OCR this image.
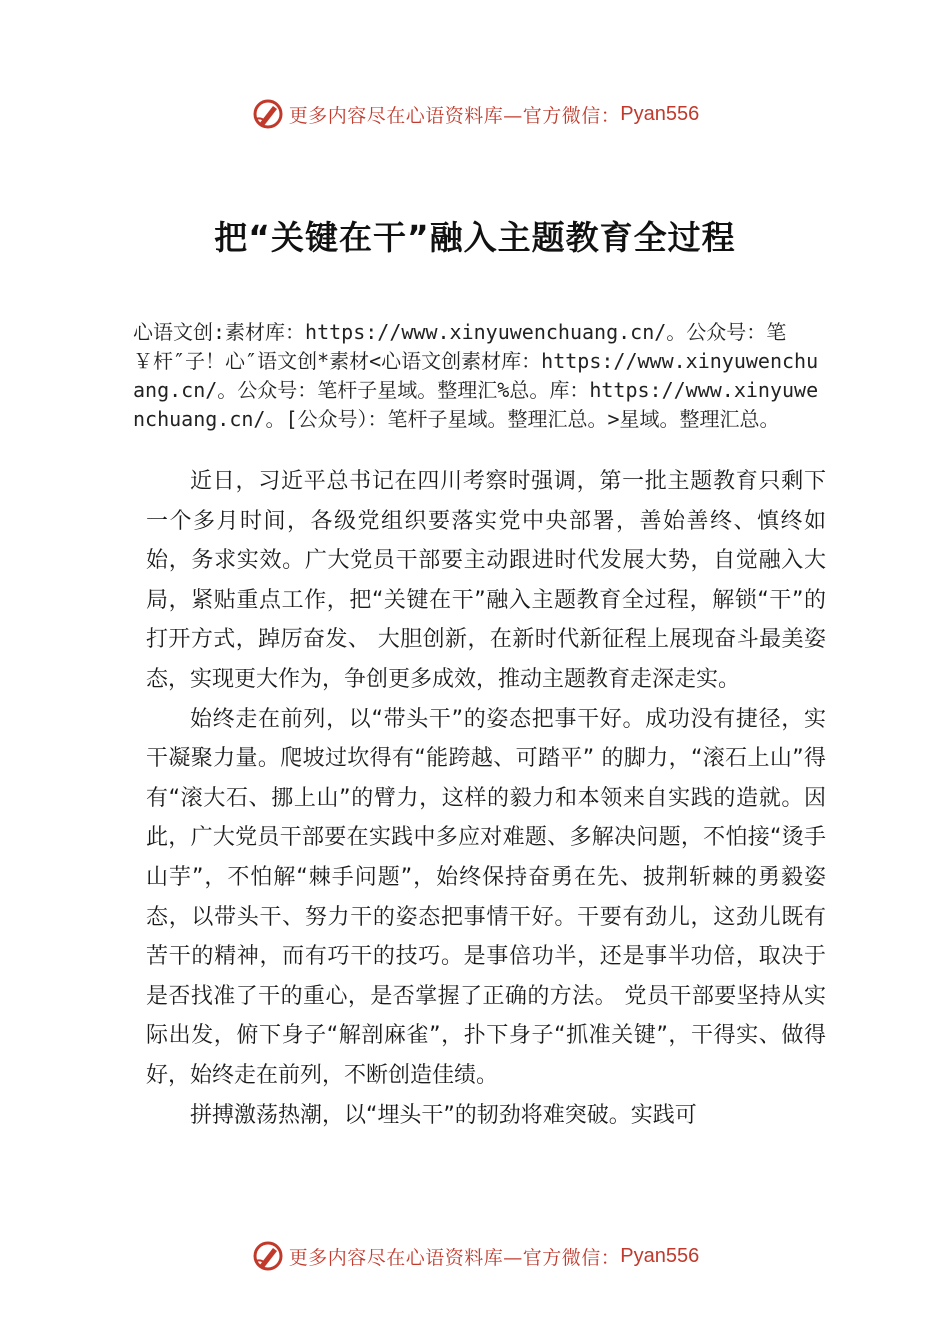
更多内容尽在心语资料库—官方微信： Pyan556
把“关键在干”融入主题教育全过程
心语文创:素材库：https://www.xinyuwenchuang.cn/。公众号：笔￥杆″子！心″语文创*素材<心语文创素材库：https://www.xinyuwenchuang.cn/。公众号：笔杆子星域。整理汇%总。库：https://www.xinyuwenchuang.cn/。[公众号）：笔杆子星域。整理汇总。>星域。整理汇总。

近日，习近平总书记在四川考察时强调，第一批主题教育只剩下一个多月时间，各级党组织要落实党中央部署，善始善终、慎终如始，务求实效。广大党员干部要主动跟进时代发展大势，自觉融入大局，紧贴重点工作，把“关键在干”融入主题教育全过程，解锁“干”的打开方式，踔厉奋发、 大胆创新，在新时代新征程上展现奋斗最美姿态，实现更大作为，争创更多成效，推动主题教育走深走实。

始终走在前列，以“带头干”的姿态把事干好。成功没有捷径，实干凝聚力量。爬坡过坎得有“能跨越、可踏平” 的脚力，“滚石上山”得有“滚大石、挪上山”的臂力，这样的毅力和本领来自实践的造就。因此，广大党员干部要在实践中多应对难题、多解决问题，不怕接“烫手山芋”，不怕解“棘手问题”，始终保持奋勇在先、披荆斩棘的勇毅姿态，以带头干、努力干的姿态把事情干好。干要有劲儿，这劲儿既有苦干的精神，而有巧干的技巧。是事倍功半，还是事半功倍，取决于是否找准了干的重心，是否掌握了正确的方法。 党员干部要坚持从实际出发，俯下身子“解剖麻雀”，扑下身子“抓准关键”，干得实、做得好，始终走在前列，不断创造佳绩。

拼搏激荡热潮，以“埋头干”的韧劲将难突破。实践可

更多内容尽在心语资料库—官方微信： Pyan556
